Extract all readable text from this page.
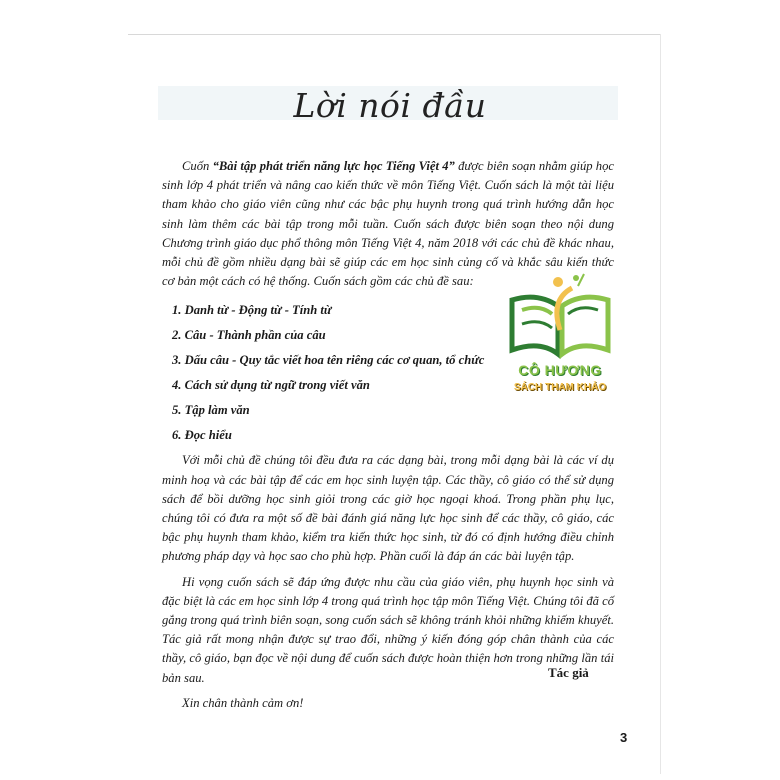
Lời nói đầu

Cuốn “Bài tập phát triển năng lực học Tiếng Việt 4” được biên soạn nhằm giúp học sinh lớp 4 phát triển và nâng cao kiến thức về môn Tiếng Việt. Cuốn sách là một tài liệu tham khảo cho giáo viên cũng như các bậc phụ huynh trong quá trình hướng dẫn học sinh làm thêm các bài tập trong mỗi tuần. Cuốn sách được biên soạn theo nội dung Chương trình giáo dục phổ thông môn Tiếng Việt 4, năm 2018 với các chủ đề khác nhau, mỗi chủ đề gồm nhiều dạng bài sẽ giúp các em học sinh củng cố và khắc sâu kiến thức cơ bản một cách có hệ thống. Cuốn sách gồm các chủ đề sau:

1. Danh từ - Động từ - Tính từ
2. Câu - Thành phần của câu
3. Dấu câu - Quy tắc viết hoa tên riêng các cơ quan, tổ chức
4. Cách sử dụng từ ngữ trong viết văn
5. Tập làm văn
6. Đọc hiểu

Với mỗi chủ đề chúng tôi đều đưa ra các dạng bài, trong mỗi dạng bài là các ví dụ minh hoạ và các bài tập để các em học sinh luyện tập. Các thầy, cô giáo có thể sử dụng sách để bồi dưỡng học sinh giỏi trong các giờ học ngoại khoá. Trong phần phụ lục, chúng tôi có đưa ra một số đề bài đánh giá năng lực học sinh để các thầy, cô giáo, các bậc phụ huynh tham khảo, kiểm tra kiến thức học sinh, từ đó có định hướng điều chỉnh phương pháp dạy và học sao cho phù hợp. Phần cuối là đáp án các bài luyện tập.

Hi vọng cuốn sách sẽ đáp ứng được nhu cầu của giáo viên, phụ huynh học sinh và đặc biệt là các em học sinh lớp 4 trong quá trình học tập môn Tiếng Việt. Chúng tôi đã cố gắng trong quá trình biên soạn, song cuốn sách sẽ không tránh khỏi những khiếm khuyết. Tác giả rất mong nhận được sự trao đổi, những ý kiến đóng góp chân thành của các thầy, cô giáo, bạn đọc về nội dung để cuốn sách được hoàn thiện hơn trong những lần tái bản sau.

Xin chân thành cảm ơn!

Tác giả
3
CÔ HƯƠNG
SÁCH THAM KHẢO
